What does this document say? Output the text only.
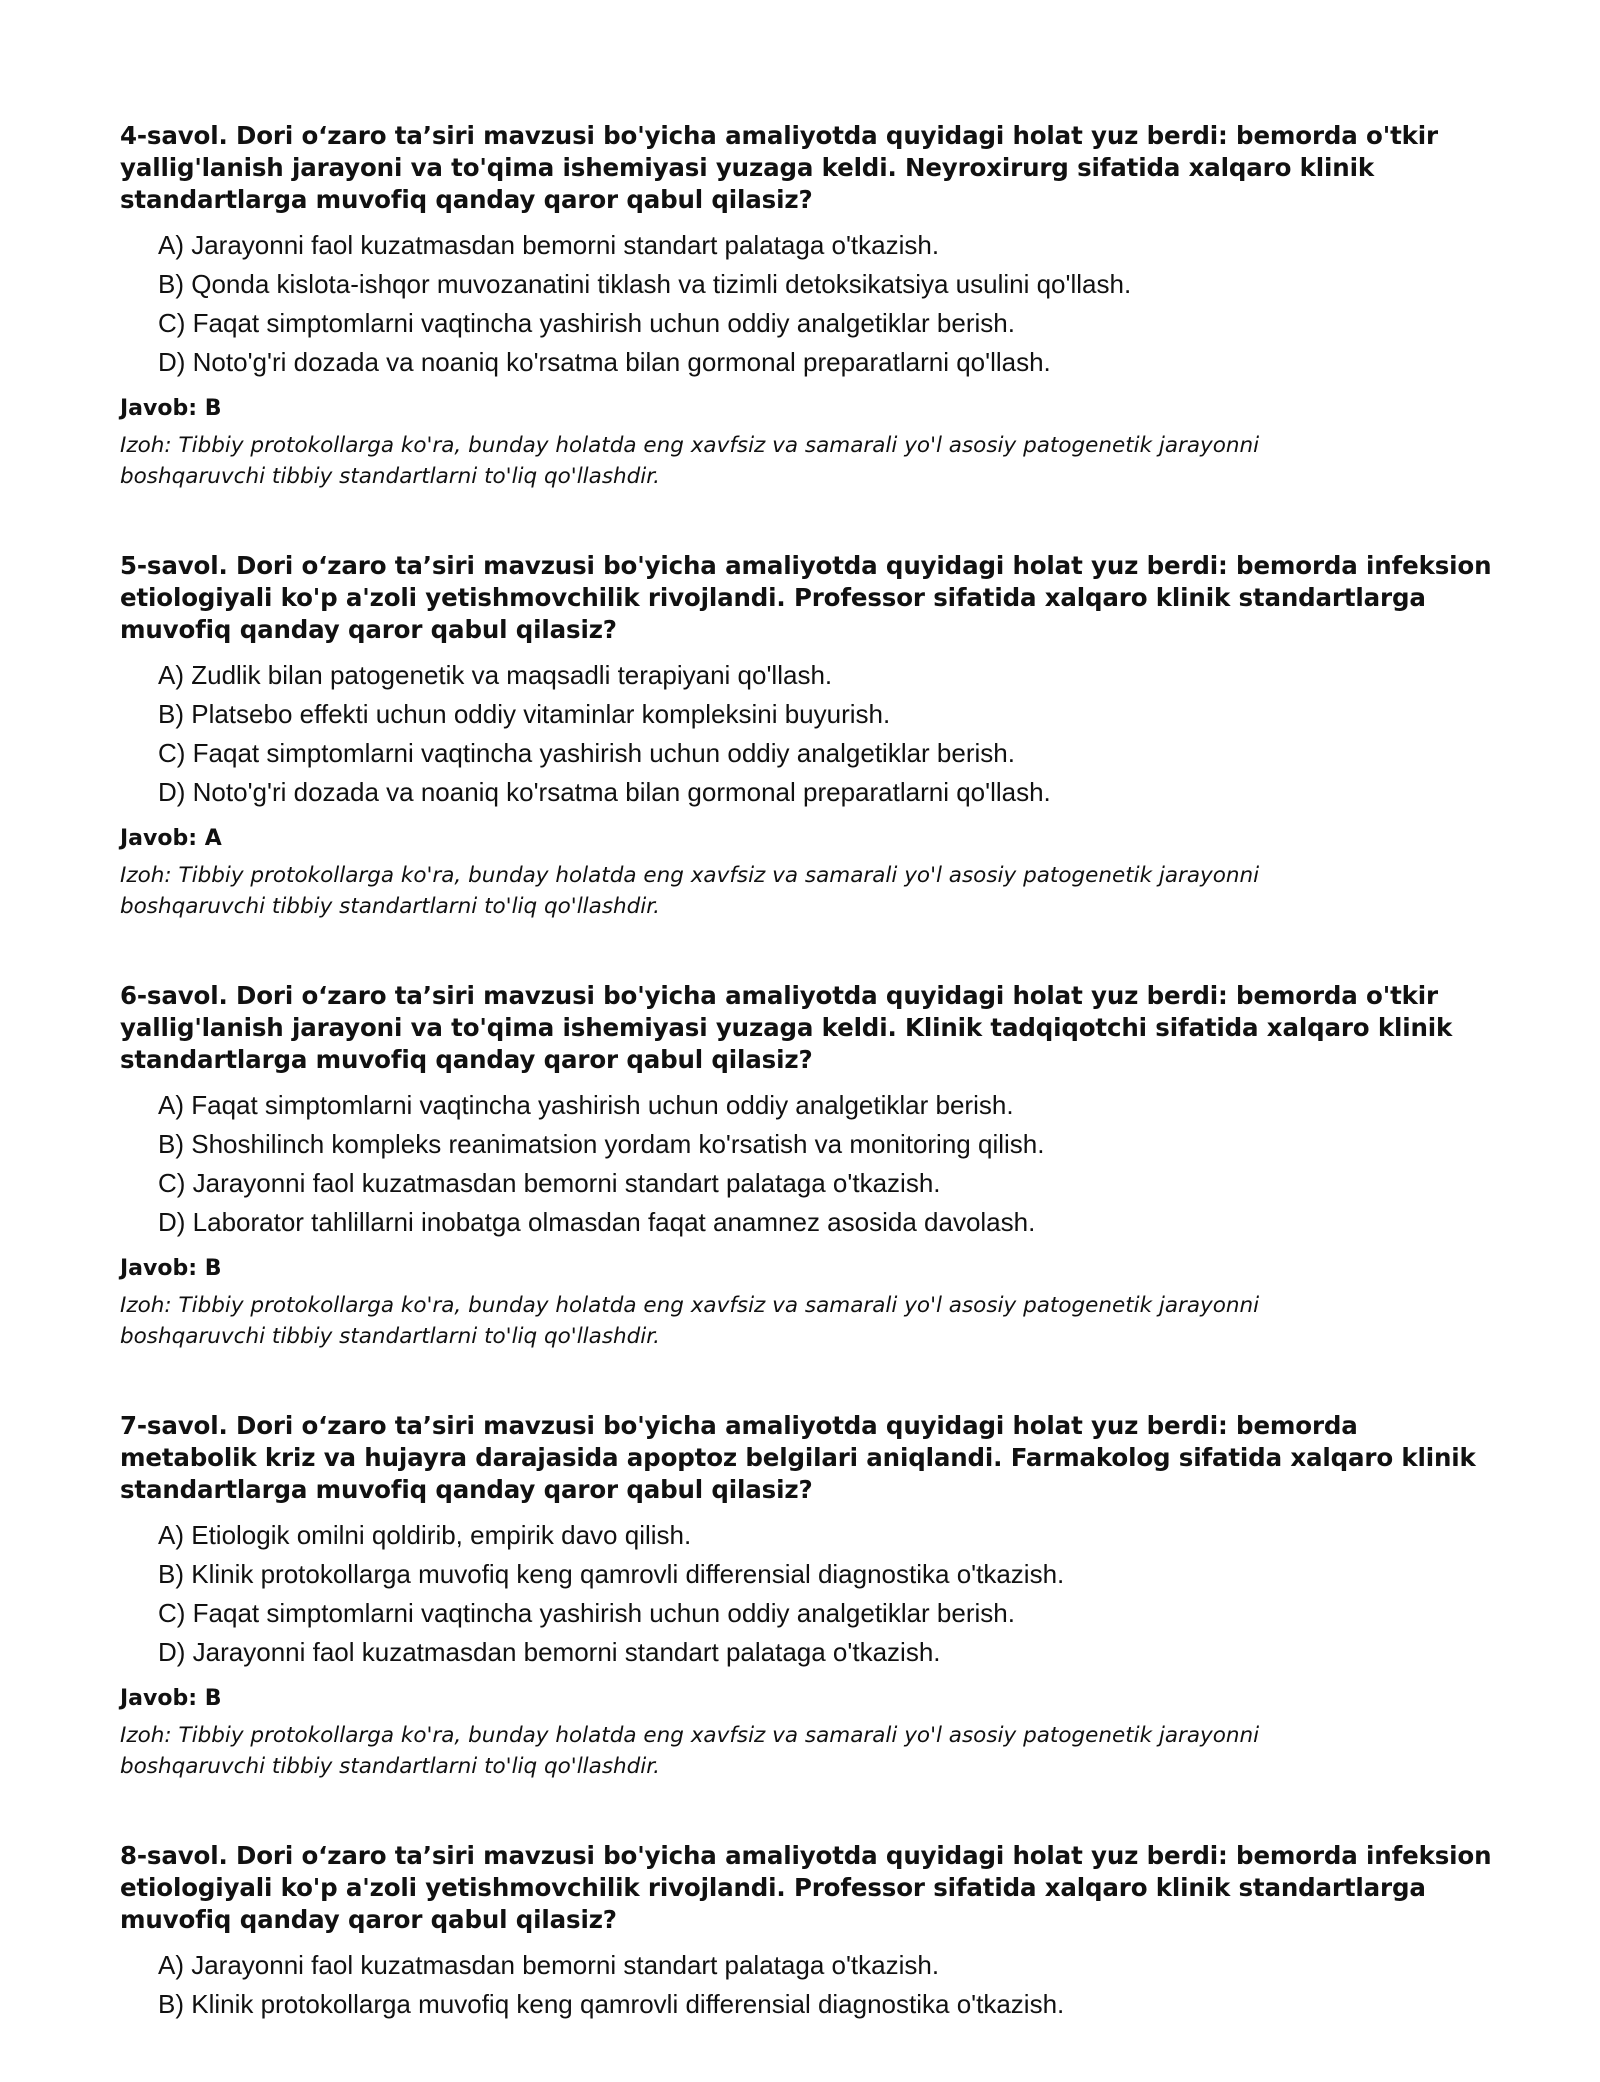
4-savol. Dori o‘zaro ta’siri mavzusi bo'yicha amaliyotda quyidagi holat yuz berdi: bemorda o'tkir yallig'lanish jarayoni va to'qima ishemiyasi yuzaga keldi. Neyroxirurg sifatida xalqaro klinik standartlarga muvofiq qanday qaror qabul qilasiz?
A) Jarayonni faol kuzatmasdan bemorni standart palataga o'tkazish.
B) Qonda kislota-ishqor muvozanatini tiklash va tizimli detoksikatsiya usulini qo'llash.
C) Faqat simptomlarni vaqtincha yashirish uchun oddiy analgetiklar berish.
D) Noto'g'ri dozada va noaniq ko'rsatma bilan gormonal preparatlarni qo'llash.
Javob: B
Izoh: Tibbiy protokollarga ko'ra, bunday holatda eng xavfsiz va samarali yo'l asosiy patogenetik jarayonni boshqaruvchi tibbiy standartlarni to'liq qo'llashdir.
5-savol. Dori o‘zaro ta’siri mavzusi bo'yicha amaliyotda quyidagi holat yuz berdi: bemorda infeksion etiologiyali ko'p a'zoli yetishmovchilik rivojlandi. Professor sifatida xalqaro klinik standartlarga muvofiq qanday qaror qabul qilasiz?
A) Zudlik bilan patogenetik va maqsadli terapiyani qo'llash.
B) Platsebo effekti uchun oddiy vitaminlar kompleksini buyurish.
C) Faqat simptomlarni vaqtincha yashirish uchun oddiy analgetiklar berish.
D) Noto'g'ri dozada va noaniq ko'rsatma bilan gormonal preparatlarni qo'llash.
Javob: A
Izoh: Tibbiy protokollarga ko'ra, bunday holatda eng xavfsiz va samarali yo'l asosiy patogenetik jarayonni boshqaruvchi tibbiy standartlarni to'liq qo'llashdir.
6-savol. Dori o‘zaro ta’siri mavzusi bo'yicha amaliyotda quyidagi holat yuz berdi: bemorda o'tkir yallig'lanish jarayoni va to'qima ishemiyasi yuzaga keldi. Klinik tadqiqotchi sifatida xalqaro klinik standartlarga muvofiq qanday qaror qabul qilasiz?
A) Faqat simptomlarni vaqtincha yashirish uchun oddiy analgetiklar berish.
B) Shoshilinch kompleks reanimatsion yordam ko'rsatish va monitoring qilish.
C) Jarayonni faol kuzatmasdan bemorni standart palataga o'tkazish.
D) Laborator tahlillarni inobatga olmasdan faqat anamnez asosida davolash.
Javob: B
Izoh: Tibbiy protokollarga ko'ra, bunday holatda eng xavfsiz va samarali yo'l asosiy patogenetik jarayonni boshqaruvchi tibbiy standartlarni to'liq qo'llashdir.
7-savol. Dori o‘zaro ta’siri mavzusi bo'yicha amaliyotda quyidagi holat yuz berdi: bemorda metabolik kriz va hujayra darajasida apoptoz belgilari aniqlandi. Farmakolog sifatida xalqaro klinik standartlarga muvofiq qanday qaror qabul qilasiz?
A) Etiologik omilni qoldirib, empirik davo qilish.
B) Klinik protokollarga muvofiq keng qamrovli differensial diagnostika o'tkazish.
C) Faqat simptomlarni vaqtincha yashirish uchun oddiy analgetiklar berish.
D) Jarayonni faol kuzatmasdan bemorni standart palataga o'tkazish.
Javob: B
Izoh: Tibbiy protokollarga ko'ra, bunday holatda eng xavfsiz va samarali yo'l asosiy patogenetik jarayonni boshqaruvchi tibbiy standartlarni to'liq qo'llashdir.
8-savol. Dori o‘zaro ta’siri mavzusi bo'yicha amaliyotda quyidagi holat yuz berdi: bemorda infeksion etiologiyali ko'p a'zoli yetishmovchilik rivojlandi. Professor sifatida xalqaro klinik standartlarga muvofiq qanday qaror qabul qilasiz?
A) Jarayonni faol kuzatmasdan bemorni standart palataga o'tkazish.
B) Klinik protokollarga muvofiq keng qamrovli differensial diagnostika o'tkazish.
